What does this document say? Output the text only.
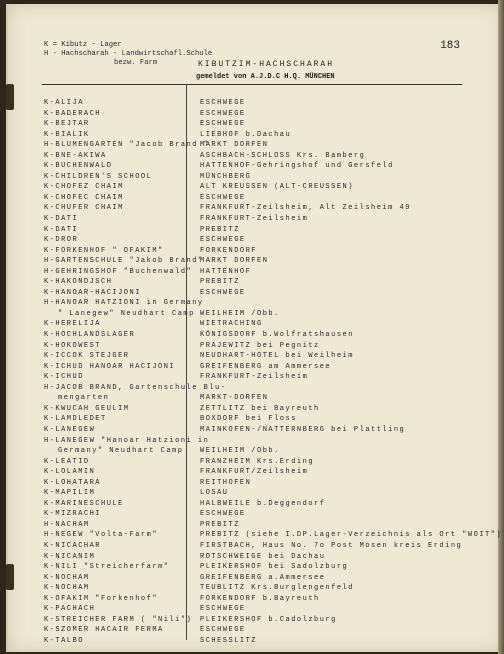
K = Kibutz - Lager
H - Hachscharah - Landwirtschafl.Schule
bezw. Farm
183
KIBUTZIM-HACHSCHARAH
gemeldet von A.J.D.C H.Q. MÜNCHEN
K-ALIJA
K-BADERACH
K-BEJTAR
K-BIALIK
H-BLUMENGARTEN "Jacob Brand "
K-BNE-AKIWA
K-BUCHENWALD
K-CHILDREN'S SCHOOL
K-CHOFEZ CHAIM
K-CHOFEC CHAIM
K-CHUFER CHAIM
K-DATI
K-DATI
K-DROR
K-FORKENHOF " OFAKIM"
H-GARTENSCHULE "Jakob Brand"
H-GEHRINGSHOF "Buchenwald"
K-HAKONDJSCH
K-HANOAR-HACIJONI
H-HANOAR HATZIONI in Germany
" Lanegew" Neudhart Camp
K-HERELIJA
K-HOCHLANDSLAGER
K-HOKOWEST
K-ICCOK STEJGER
K-ICHUD HANOAR HACIJONI
K-ICHUD
H-JACOB BRAND, Gartenschule Blu-
mengarten
K-KWUCAH GEULIM
K-LAMDLEDET
K-LANEGEW
H-LANEGEW "Hanoar Hatzioni in
Germany" Neudhart Camp
K-LEATID
K-LOLAMIN
K-LOHATARA
K-MAPILIM
K-MARINESCHULE
K-MIZRACHI
H-NACHAM
H-NEGEW "Volta-Farm"
K-NICACHAR
K-NICANIM
K-NILI "Streicherfarm"
K-NOCHAM
K-NOCHAM
K-OFAKIM "Forkenhof"
K-PACHACH
K-STREICHER FARM ( "Nili")
K-SZOMER HACAIR FERMA
K-TALBO
ESCHWEGE
ESCHWEGE
ESCHWEGE
LIEBHOF b.Dachau
MARKT DORFEN
ASCHBACH-SCHLOSS Krs. Bamberg
HATTENHOF-Gehringshof und Gersfeld
MÜNCHBERG
ALT KREUSSEN (ALT-CREUSSEN)
ESCHWEGE
FRANKFURT-Zeilsheim, Alt Zeilsheim 49
FRANKFURT-Zeilsheim
PREBITZ
ESCHWEGE
FORKENDORF
MARKT DORFEN
HATTENHOF
PREBITZ
ESCHWEGE
WEILHEIM /Obb.
WIETRACHING
KÖNIGSDORF b.Wolfratshausen
PRAJEWITZ bei Pegnitz
NEUDHART-HOTEL bei Weilheim
GREIFENBERG am Ammersee
FRANKFURT-Zeilsheim
MARKT-DORFEN
ZETTLITZ bei Bayreuth
BOXDORF bei Floss
MAINKOFEN-/NATTERNBERG bei Plattling
WEILHEIM /Obb.
FRANZHEIM Krs.Erding
FRANKFURT/Zeilsheim
REITHOFEN
LOSAU
HALBWEILE b.Deggendorf
ESCHWEGE
PREBITZ
PREBITZ (siehe I.DP.Lager-Verzeichnis als Ort "WOIT")
FIRSTBACH, Haus No. 7o Post Mosen kreis Erding
ROTSCHWEIGE bei Dachau
PLEIKERSHOF bei Sadolzburg
GREIFENBERG a.Ammersee
TEUBLITZ Krs.Burglengenfeld
FORKENDORF b.Bayreuth
ESCHWEGE
PLEIKERSHOF b.Cadolzburg
ESCHWEGE
SCHESSLITZ
